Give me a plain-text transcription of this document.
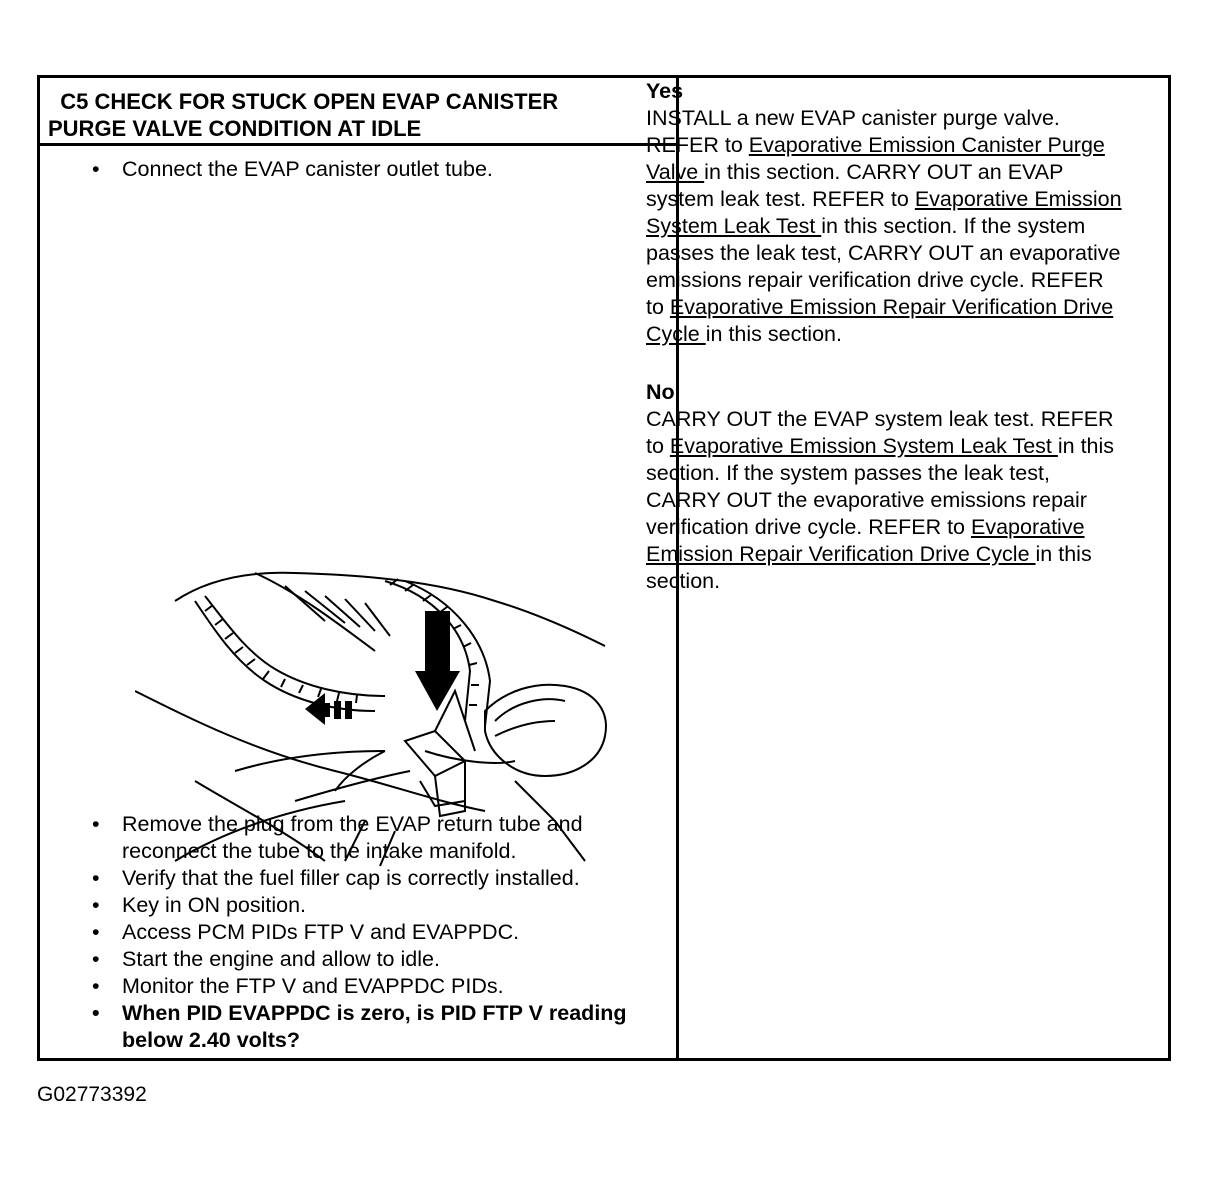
C5 CHECK FOR STUCK OPEN EVAP CANISTER
PURGE VALVE CONDITION AT IDLE

• Connect the EVAP canister outlet tube.
• Remove the plug from the EVAP return tube and reconnect the tube to the intake manifold.
• Verify that the fuel filler cap is correctly installed.
• Key in ON position.
• Access PCM PIDs FTP V and EVAPPDC.
• Start the engine and allow to idle.
• Monitor the FTP V and EVAPPDC PIDs.
• When PID EVAPPDC is zero, is PID FTP V reading below 2.40 volts?

Yes

INSTALL a new EVAP canister purge valve. REFER to Evaporative Emission Canister Purge Valve in this section. CARRY OUT an EVAP system leak test. REFER to Evaporative Emission System Leak Test in this section. If the system passes the leak test, CARRY OUT an evaporative emissions repair verification drive cycle. REFER to Evaporative Emission Repair Verification Drive Cycle in this section.

No

CARRY OUT the EVAP system leak test. REFER to Evaporative Emission System Leak Test in this section. If the system passes the leak test, CARRY OUT the evaporative emissions repair verification drive cycle. REFER to Evaporative Emission Repair Verification Drive Cycle in this section.

G02773392
